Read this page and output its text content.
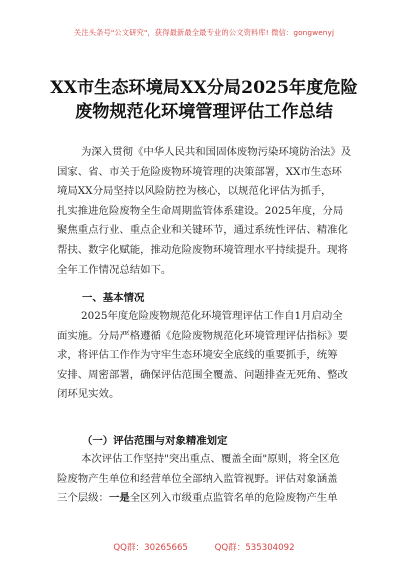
关注头条号"公文研究"，获得最新最全最专业的公文资料库! 微信：gongwenyj
XX市生态环境局XX分局2025年度危险
废物规范化环境管理评估工作总结
为深入贯彻《中华人民共和国固体废物污染环境防治法》及
国家、省、市关于危险废物环境管理的决策部署，XX市生态环
境局XX分局坚持以风险防控为核心，以规范化评估为抓手，
扎实推进危险废物全生命周期监管体系建设。2025年度，分局
聚焦重点行业、重点企业和关键环节，通过系统性评估、精准化
帮扶、数字化赋能，推动危险废物环境管理水平持续提升。现将
全年工作情况总结如下。
一、基本情况
2025年度危险废物规范化环境管理评估工作自1月启动全
面实施。分局严格遵循《危险废物规范化环境管理评估指标》要
求，将评估工作作为守牢生态环境安全底线的重要抓手，统筹
安排、周密部署，确保评估范围全覆盖、问题排查无死角、整改
闭环见实效。
（一）评估范围与对象精准划定
本次评估工作坚持"突出重点、覆盖全面"原则，将全区危
险废物产生单位和经营单位全部纳入监管视野。评估对象涵盖
三个层级：一是全区列入市级重点监管名单的危险废物产生单
QQ群：30265665	QQ群：535304092
